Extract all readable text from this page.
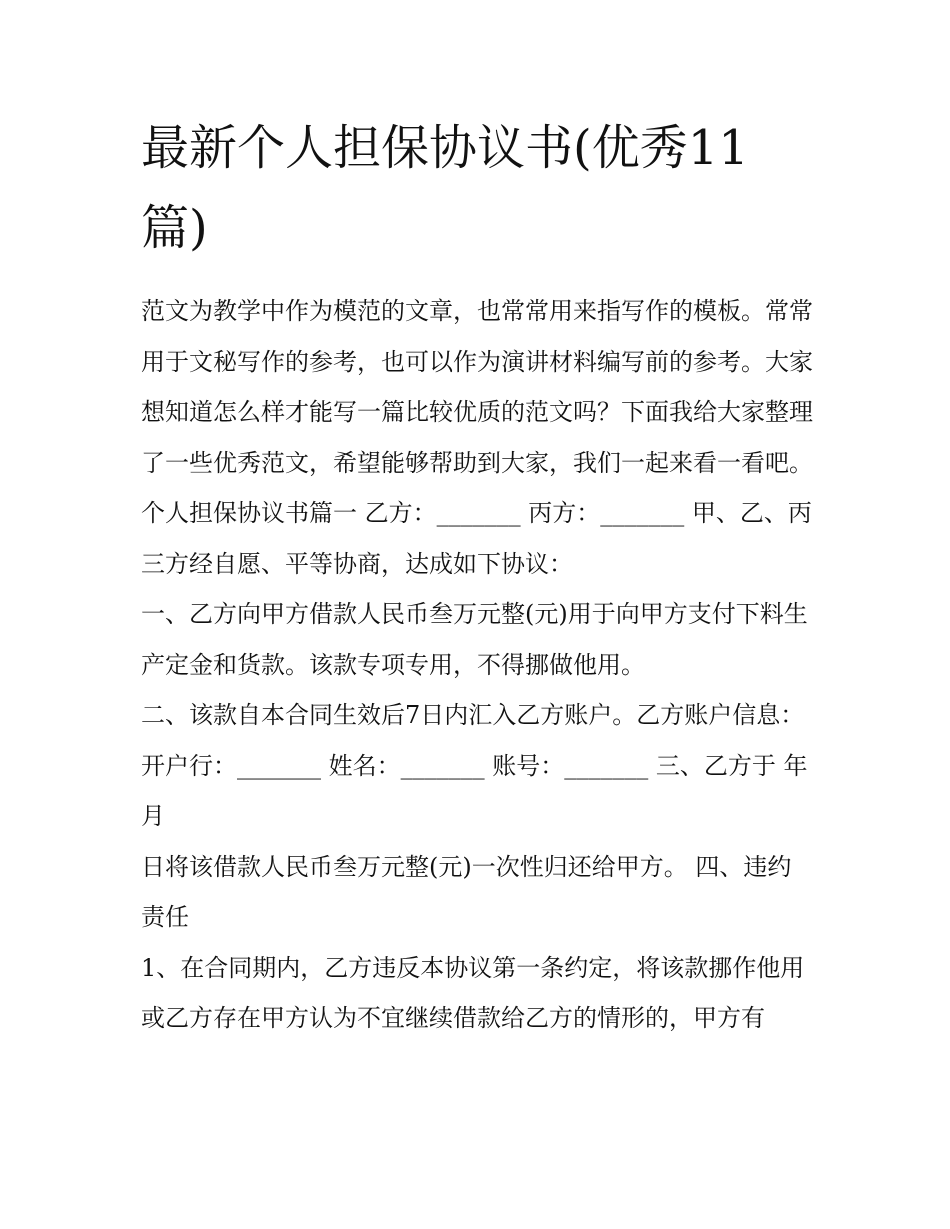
最新个人担保协议书(优秀11篇)

范文为教学中作为模范的文章，也常常用来指写作的模板。常常用于文秘写作的参考，也可以作为演讲材料编写前的参考。大家想知道怎么样才能写一篇比较优质的范文吗？下面我给大家整理了一些优秀范文，希望能够帮助到大家，我们一起来看一看吧。

个人担保协议书篇一 乙方：_______ 丙方：_______ 甲、乙、丙三方经自愿、平等协商，达成如下协议：

一、乙方向甲方借款人民币叁万元整(元)用于向甲方支付下料生产定金和货款。该款专项专用，不得挪做他用。

二、该款自本合同生效后7日内汇入乙方账户。乙方账户信息： 开户行：_______ 姓名：_______ 账号：_______ 三、乙方于 年 月

日将该借款人民币叁万元整(元)一次性归还给甲方。 四、违约责任

1、在合同期内，乙方违反本协议第一条约定，将该款挪作他用或乙方存在甲方认为不宜继续借款给乙方的情形的，甲方有
